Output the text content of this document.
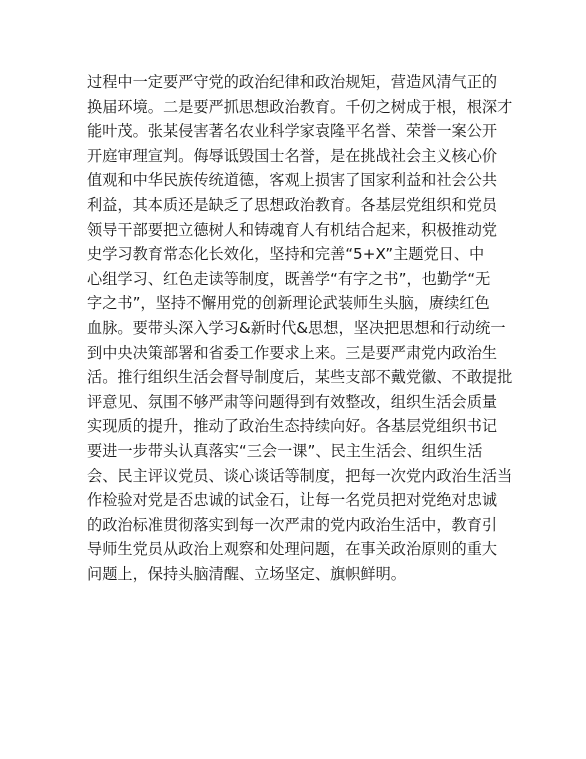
过程中一定要严守党的政治纪律和政治规矩，营造风清气正的
换届环境。二是要严抓思想政治教育。千仞之树成于根，根深才
能叶茂。张某侵害著名农业科学家袁隆平名誉、荣誉一案公开
开庭审理宣判。侮辱诋毁国士名誉，是在挑战社会主义核心价
值观和中华民族传统道德，客观上损害了国家利益和社会公共
利益，其本质还是缺乏了思想政治教育。各基层党组织和党员
领导干部要把立德树人和铸魂育人有机结合起来，积极推动党
史学习教育常态化长效化，坚持和完善“5+X”主题党日、中
心组学习、红色走读等制度，既善学“有字之书”，也勤学“无
字之书”，坚持不懈用党的创新理论武装师生头脑，赓续红色
血脉。要带头深入学习&新时代&思想，坚决把思想和行动统一
到中央决策部署和省委工作要求上来。三是要严肃党内政治生
活。推行组织生活会督导制度后，某些支部不戴党徽、不敢提批
评意见、氛围不够严肃等问题得到有效整改，组织生活会质量
实现质的提升，推动了政治生态持续向好。各基层党组织书记
要进一步带头认真落实“三会一课”、民主生活会、组织生活
会、民主评议党员、谈心谈话等制度，把每一次党内政治生活当
作检验对党是否忠诚的试金石，让每一名党员把对党绝对忠诚
的政治标准贯彻落实到每一次严肃的党内政治生活中，教育引
导师生党员从政治上观察和处理问题，在事关政治原则的重大
问题上，保持头脑清醒、立场坚定、旗帜鲜明。
